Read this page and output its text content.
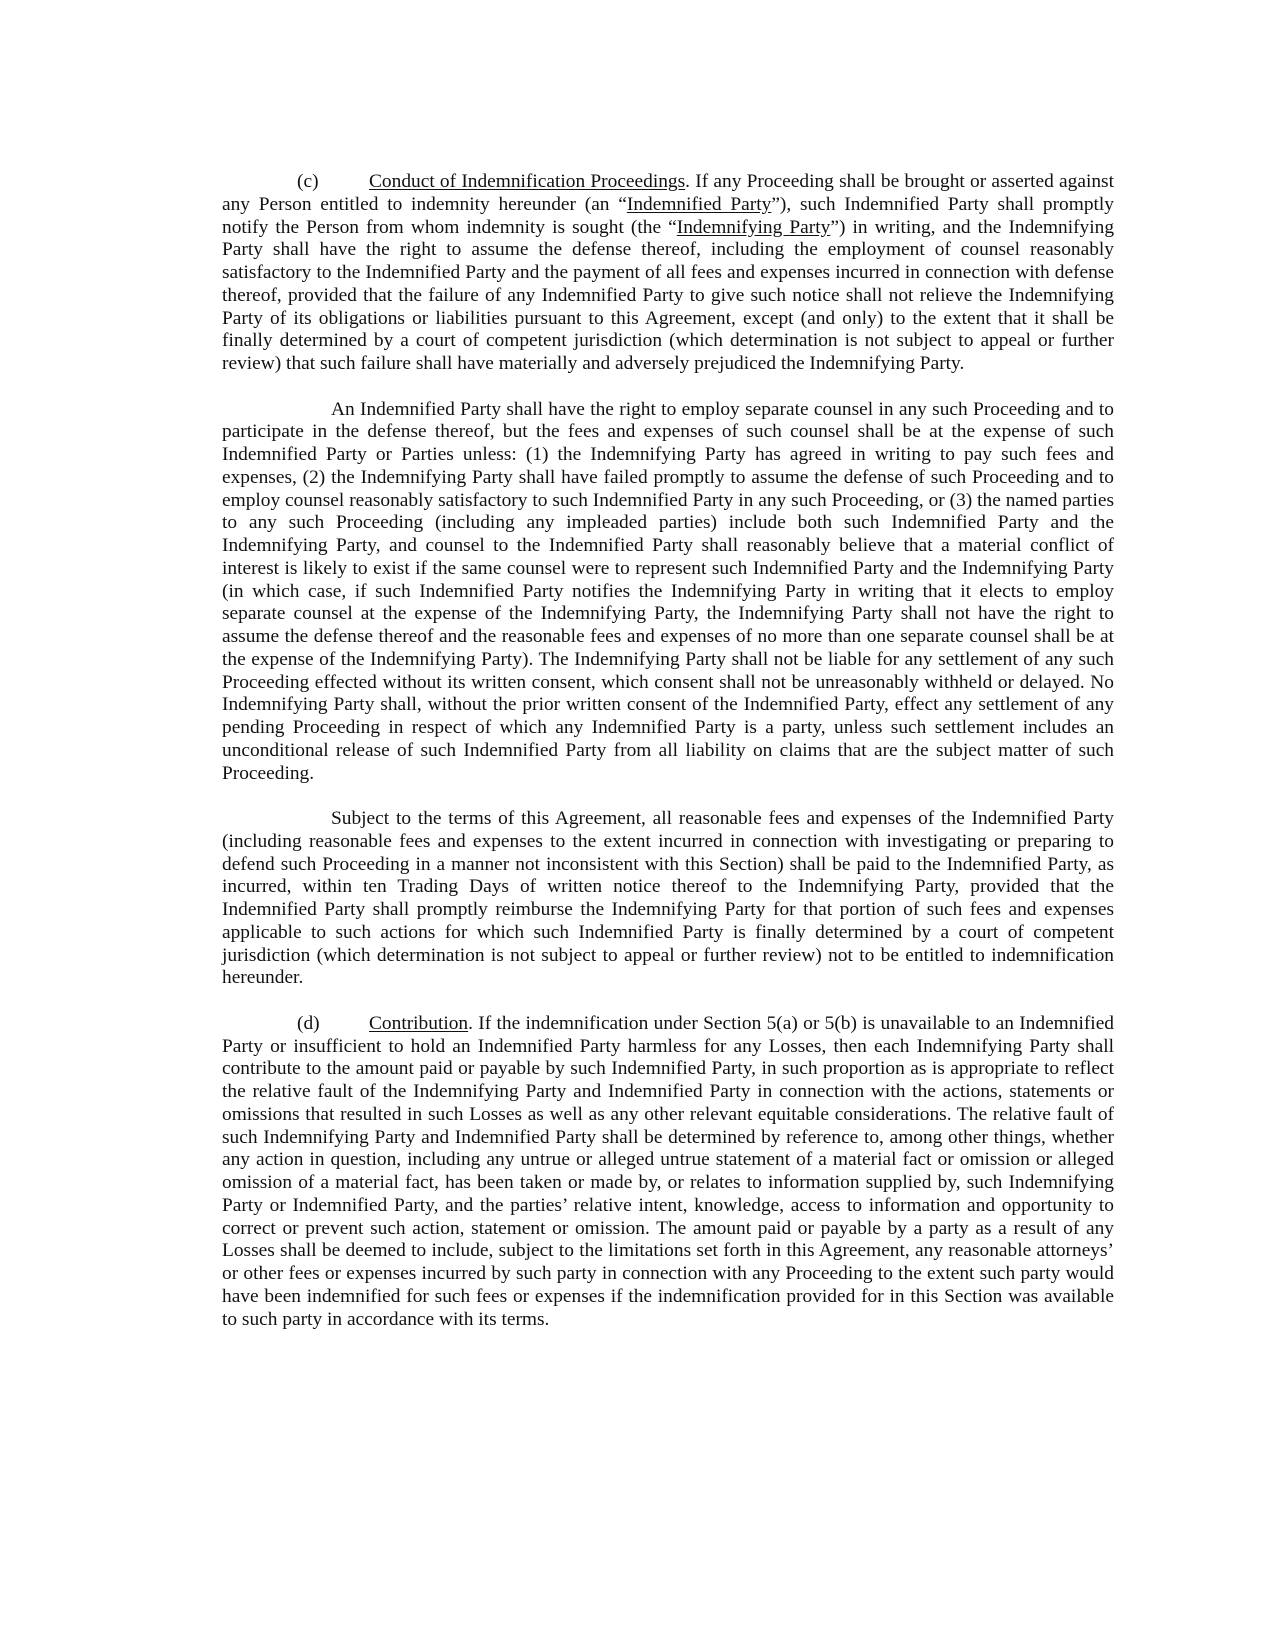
(c)	Conduct of Indemnification Proceedings. If any Proceeding shall be brought or asserted against any Person entitled to indemnity hereunder (an “Indemnified Party”), such Indemnified Party shall promptly notify the Person from whom indemnity is sought (the “Indemnifying Party”) in writing, and the Indemnifying Party shall have the right to assume the defense thereof, including the employment of counsel reasonably satisfactory to the Indemnified Party and the payment of all fees and expenses incurred in connection with defense thereof, provided that the failure of any Indemnified Party to give such notice shall not relieve the Indemnifying Party of its obligations or liabilities pursuant to this Agreement, except (and only) to the extent that it shall be finally determined by a court of competent jurisdiction (which determination is not subject to appeal or further review) that such failure shall have materially and adversely prejudiced the Indemnifying Party.

An Indemnified Party shall have the right to employ separate counsel in any such Proceeding and to participate in the defense thereof, but the fees and expenses of such counsel shall be at the expense of such Indemnified Party or Parties unless: (1) the Indemnifying Party has agreed in writing to pay such fees and expenses, (2) the Indemnifying Party shall have failed promptly to assume the defense of such Proceeding and to employ counsel reasonably satisfactory to such Indemnified Party in any such Proceeding, or (3) the named parties to any such Proceeding (including any impleaded parties) include both such Indemnified Party and the Indemnifying Party, and counsel to the Indemnified Party shall reasonably believe that a material conflict of interest is likely to exist if the same counsel were to represent such Indemnified Party and the Indemnifying Party (in which case, if such Indemnified Party notifies the Indemnifying Party in writing that it elects to employ separate counsel at the expense of the Indemnifying Party, the Indemnifying Party shall not have the right to assume the defense thereof and the reasonable fees and expenses of no more than one separate counsel shall be at the expense of the Indemnifying Party). The Indemnifying Party shall not be liable for any settlement of any such Proceeding effected without its written consent, which consent shall not be unreasonably withheld or delayed. No Indemnifying Party shall, without the prior written consent of the Indemnified Party, effect any settlement of any pending Proceeding in respect of which any Indemnified Party is a party, unless such settlement includes an unconditional release of such Indemnified Party from all liability on claims that are the subject matter of such Proceeding.

Subject to the terms of this Agreement, all reasonable fees and expenses of the Indemnified Party (including reasonable fees and expenses to the extent incurred in connection with investigating or preparing to defend such Proceeding in a manner not inconsistent with this Section) shall be paid to the Indemnified Party, as incurred, within ten Trading Days of written notice thereof to the Indemnifying Party, provided that the Indemnified Party shall promptly reimburse the Indemnifying Party for that portion of such fees and expenses applicable to such actions for which such Indemnified Party is finally determined by a court of competent jurisdiction (which determination is not subject to appeal or further review) not to be entitled to indemnification hereunder.

(d)	Contribution. If the indemnification under Section 5(a) or 5(b) is unavailable to an Indemnified Party or insufficient to hold an Indemnified Party harmless for any Losses, then each Indemnifying Party shall contribute to the amount paid or payable by such Indemnified Party, in such proportion as is appropriate to reflect the relative fault of the Indemnifying Party and Indemnified Party in connection with the actions, statements or omissions that resulted in such Losses as well as any other relevant equitable considerations. The relative fault of such Indemnifying Party and Indemnified Party shall be determined by reference to, among other things, whether any action in question, including any untrue or alleged untrue statement of a material fact or omission or alleged omission of a material fact, has been taken or made by, or relates to information supplied by, such Indemnifying Party or Indemnified Party, and the parties’ relative intent, knowledge, access to information and opportunity to correct or prevent such action, statement or omission. The amount paid or payable by a party as a result of any Losses shall be deemed to include, subject to the limitations set forth in this Agreement, any reasonable attorneys’ or other fees or expenses incurred by such party in connection with any Proceeding to the extent such party would have been indemnified for such fees or expenses if the indemnification provided for in this Section was available to such party in accordance with its terms.
